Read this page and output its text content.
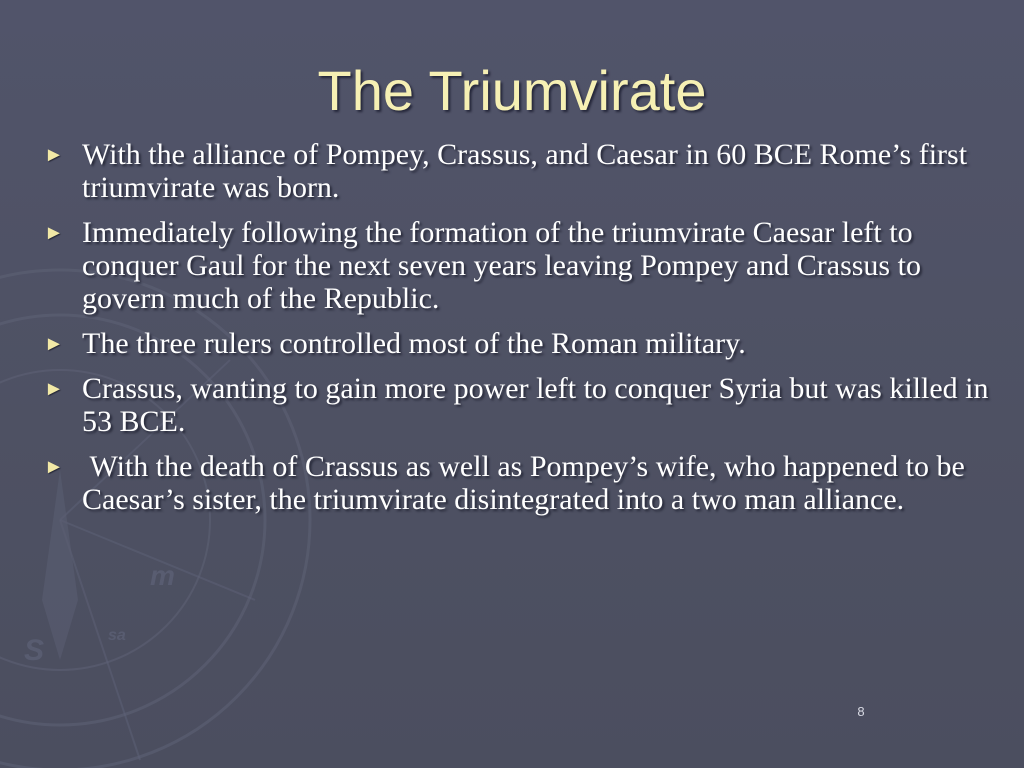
m
S	sa
The Triumvirate
► With the alliance of Pompey, Crassus, and Caesar in 60 BCE Rome’s first triumvirate was born.
► Immediately following the formation of the triumvirate Caesar left to conquer Gaul for the next seven years leaving Pompey and Crassus to govern much of the Republic.
► The three rulers controlled most of the Roman military.
► Crassus, wanting to gain more power left to conquer Syria but was killed in 53 BCE.
► With the death of Crassus as well as Pompey’s wife, who happened to be Caesar’s sister, the triumvirate disintegrated into a two man alliance.
8
